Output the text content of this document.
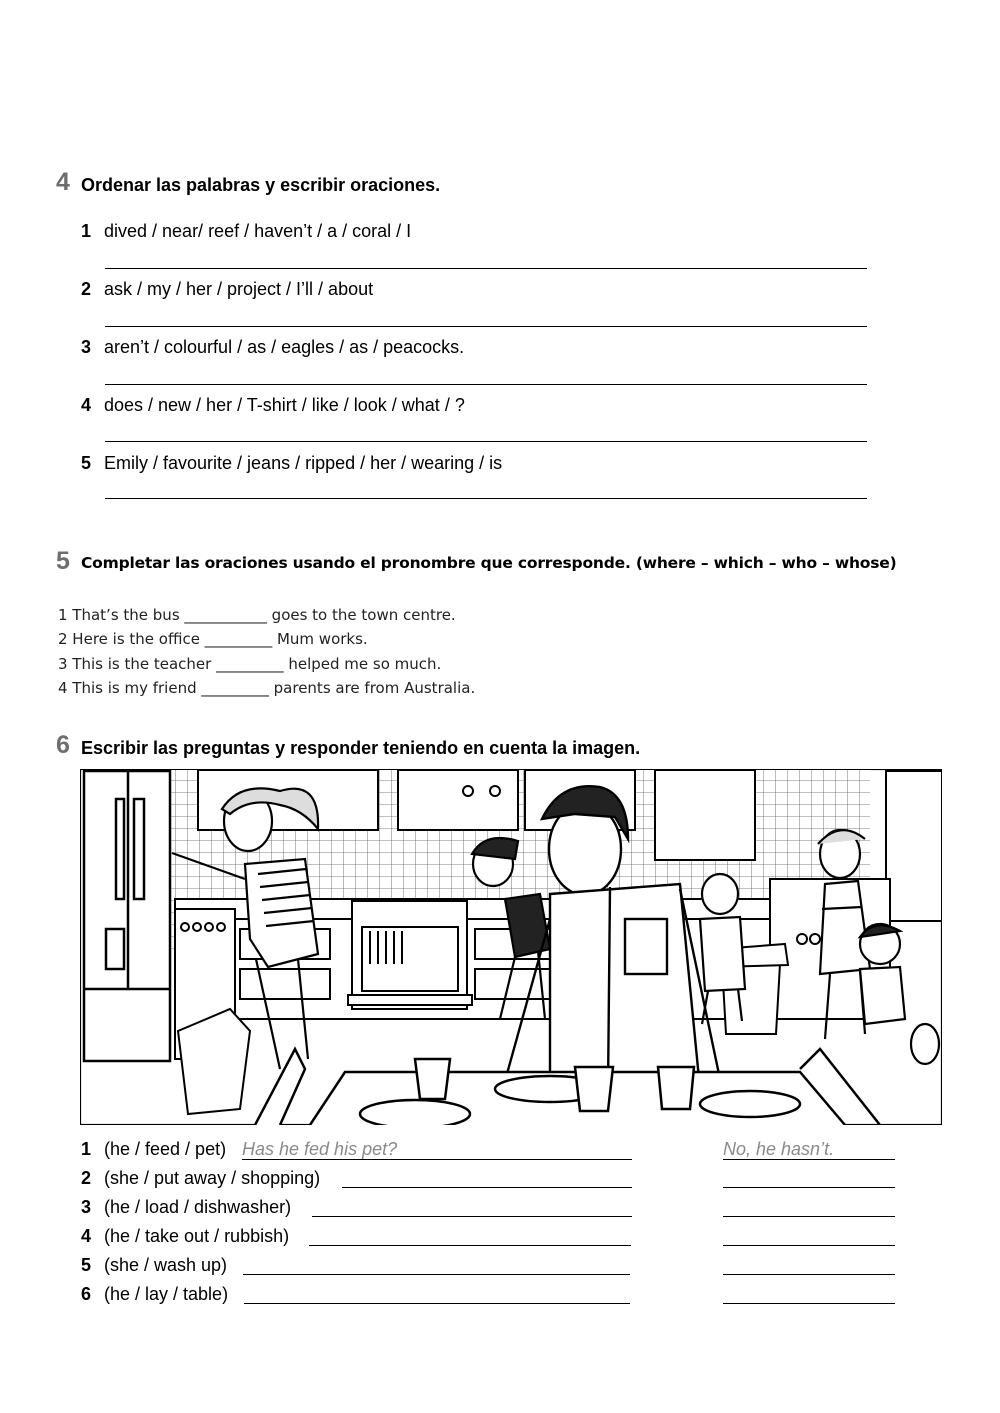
4 Ordenar las palabras y escribir oraciones.
1 dived / near/ reef / haven’t / a / coral / I
2 ask / my / her / project / I’ll / about
3 aren’t / colourful / as / eagles / as / peacocks.
4 does / new / her / T-shirt / like / look / what / ?
5 Emily / favourite / jeans / ripped / her / wearing / is
5 Completar las oraciones usando el pronombre que corresponde. (where – which – who – whose)
1 That’s the bus ___________ goes to the town centre.
2 Here is the office _________ Mum works.
3 This is the teacher _________ helped me so much.
4 This is my friend _________ parents are from Australia.
6 Escribir las preguntas y responder teniendo en cuenta la imagen.
1 (he / feed / pet) Has he fed his pet?	No, he hasn’t.
2 (she / put away / shopping)
3 (he / load / dishwasher)
4 (he / take out / rubbish)
5 (she / wash up)
6 (he / lay / table)
